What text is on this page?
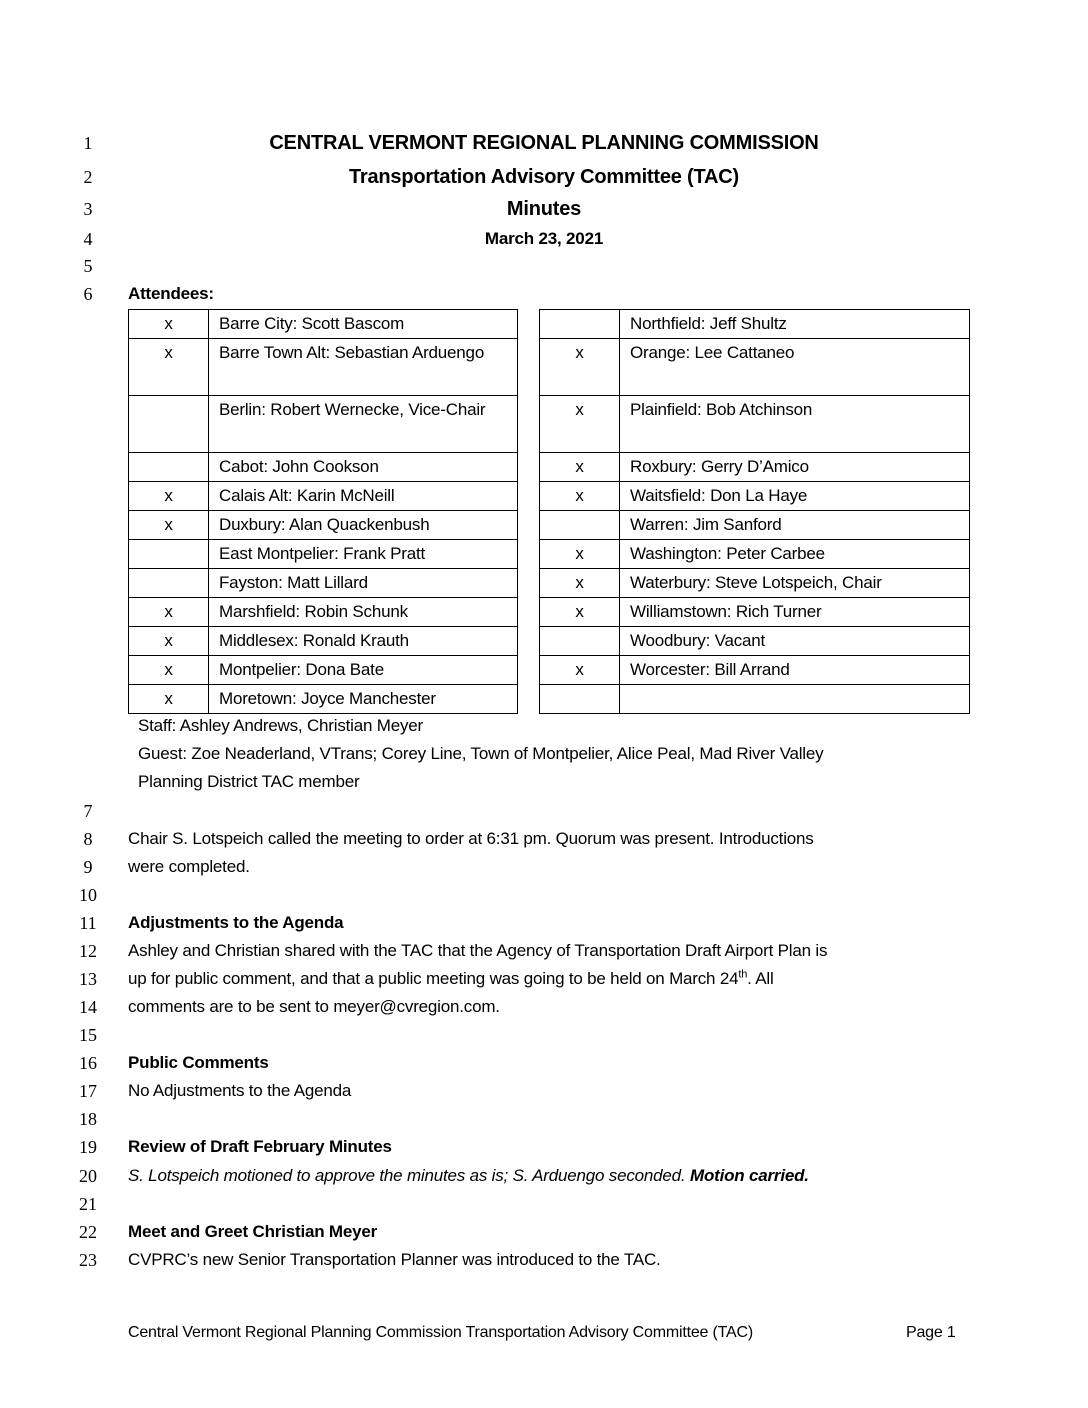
1
2
3
4
5
6
7
8
9
10
11
12
13
14
15
16
17
18
19
20
21
22
23
CENTRAL VERMONT REGIONAL PLANNING COMMISSION
Transportation Advisory Committee (TAC)
Minutes
March 23, 2021
Attendees:
x	Barre City: Scott Bascom
x	Barre Town Alt: Sebastian Arduengo
	Berlin: Robert Wernecke, Vice-Chair
	Cabot: John Cookson
x	Calais Alt: Karin McNeill
x	Duxbury: Alan Quackenbush
	East Montpelier: Frank Pratt
	Fayston: Matt Lillard
x	Marshfield: Robin Schunk
x	Middlesex: Ronald Krauth
x	Montpelier: Dona Bate
x	Moretown: Joyce Manchester
	Northfield: Jeff Shultz
x	Orange: Lee Cattaneo
x	Plainfield: Bob Atchinson
x	Roxbury: Gerry D’Amico
x	Waitsfield: Don La Haye
	Warren: Jim Sanford
x	Washington: Peter Carbee
x	Waterbury: Steve Lotspeich, Chair
x	Williamstown: Rich Turner
	Woodbury: Vacant
x	Worcester: Bill Arrand

Staff: Ashley Andrews, Christian Meyer
Guest: Zoe Neaderland, VTrans; Corey Line, Town of Montpelier, Alice Peal, Mad River Valley
Planning District TAC member
Chair S. Lotspeich called the meeting to order at 6:31 pm. Quorum was present. Introductions
were completed.
Adjustments to the Agenda
Ashley and Christian shared with the TAC that the Agency of Transportation Draft Airport Plan is
up for public comment, and that a public meeting was going to be held on March 24th. All
comments are to be sent to meyer@cvregion.com.
Public Comments
No Adjustments to the Agenda
Review of Draft February Minutes
S. Lotspeich motioned to approve the minutes as is; S. Arduengo seconded. Motion carried.
Meet and Greet Christian Meyer
CVPRC’s new Senior Transportation Planner was introduced to the TAC.
Central Vermont Regional Planning Commission Transportation Advisory Committee (TAC)	Page 1
